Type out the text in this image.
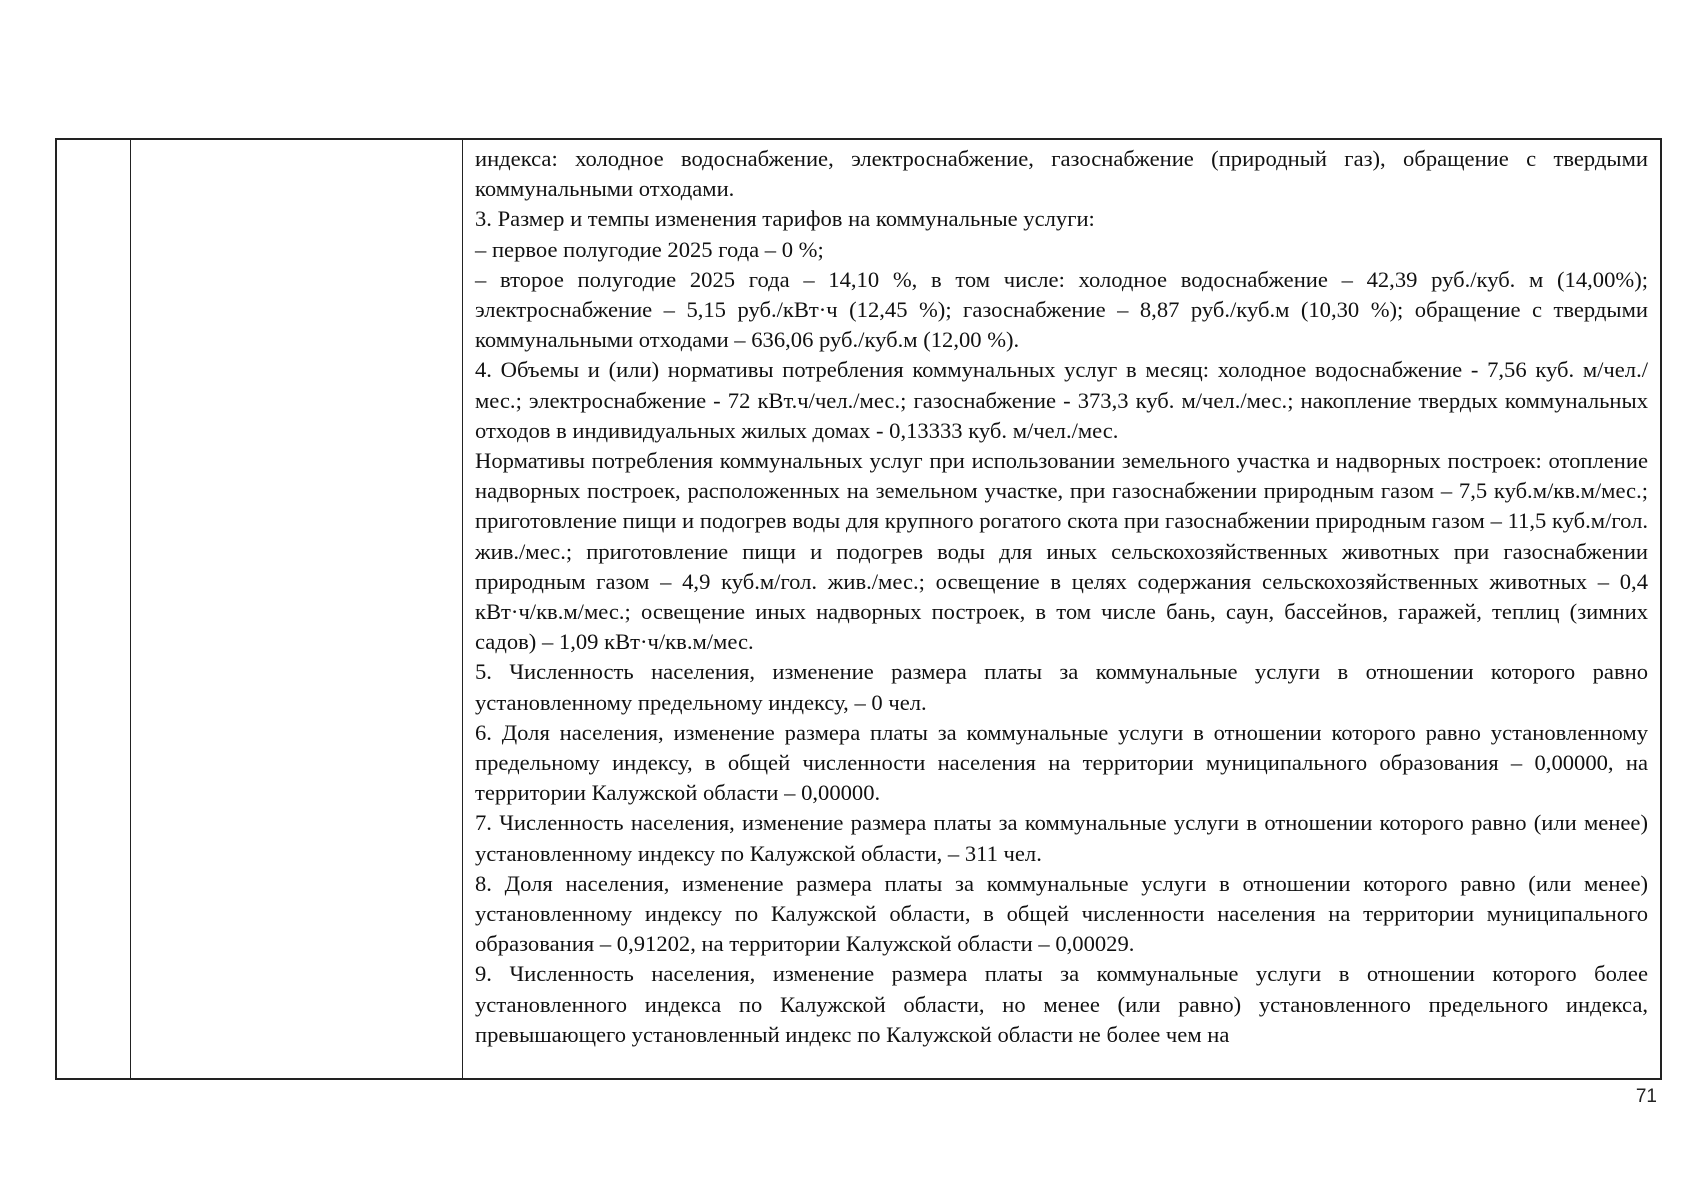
индекса: холодное водоснабжение, электроснабжение, газоснабжение (природный газ), обращение с твердыми коммунальными отходами.

3. Размер и темпы изменения тарифов на коммунальные услуги:

– первое полугодие 2025 года – 0 %;

– второе полугодие 2025 года – 14,10 %, в том числе: холодное водоснабжение – 42,39 руб./куб. м (14,00%); электроснабжение – 5,15 руб./кВт·ч (12,45 %); газоснабжение – 8,87 руб./куб.м (10,30 %); обращение с твердыми коммунальными отходами – 636,06 руб./куб.м (12,00 %).

4. Объемы и (или) нормативы потребления коммунальных услуг в месяц: холодное водоснабжение - 7,56 куб. м/чел./мес.; электроснабжение - 72 кВт.ч/чел./мес.; газоснабжение - 373,3 куб. м/чел./мес.; накопление твердых коммунальных отходов в индивидуальных жилых домах - 0,13333 куб. м/чел./мес.

Нормативы потребления коммунальных услуг при использовании земельного участка и надворных построек: отопление надворных построек, расположенных на земельном участке, при газоснабжении природным газом – 7,5 куб.м/кв.м/мес.; приготовление пищи и подогрев воды для крупного рогатого скота при газоснабжении природным газом – 11,5 куб.м/гол. жив./мес.; приготовление пищи и подогрев воды для иных сельскохозяйственных животных при газоснабжении природным газом – 4,9 куб.м/гол. жив./мес.; освещение в целях содержания сельскохозяйственных животных – 0,4 кВт·ч/кв.м/мес.; освещение иных надворных построек, в том числе бань, саун, бассейнов, гаражей, теплиц (зимних садов) – 1,09 кВт·ч/кв.м/мес.

5. Численность населения, изменение размера платы за коммунальные услуги в отношении которого равно установленному предельному индексу, – 0 чел.

6. Доля населения, изменение размера платы за коммунальные услуги в отношении которого равно установленному предельному индексу, в общей численности населения на территории муниципального образования – 0,00000, на территории Калужской области – 0,00000.

7. Численность населения, изменение размера платы за коммунальные услуги в отношении которого равно (или менее) установленному индексу по Калужской области, – 311 чел.

8. Доля населения, изменение размера платы за коммунальные услуги в отношении которого равно (или менее) установленному индексу по Калужской области, в общей численности населения на территории муниципального образования – 0,91202, на территории Калужской области – 0,00029.

9. Численность населения, изменение размера платы за коммунальные услуги в отношении которого более установленного индекса по Калужской области, но менее (или равно) установленного предельного индекса, превышающего установленный индекс по Калужской области не более чем на

71
